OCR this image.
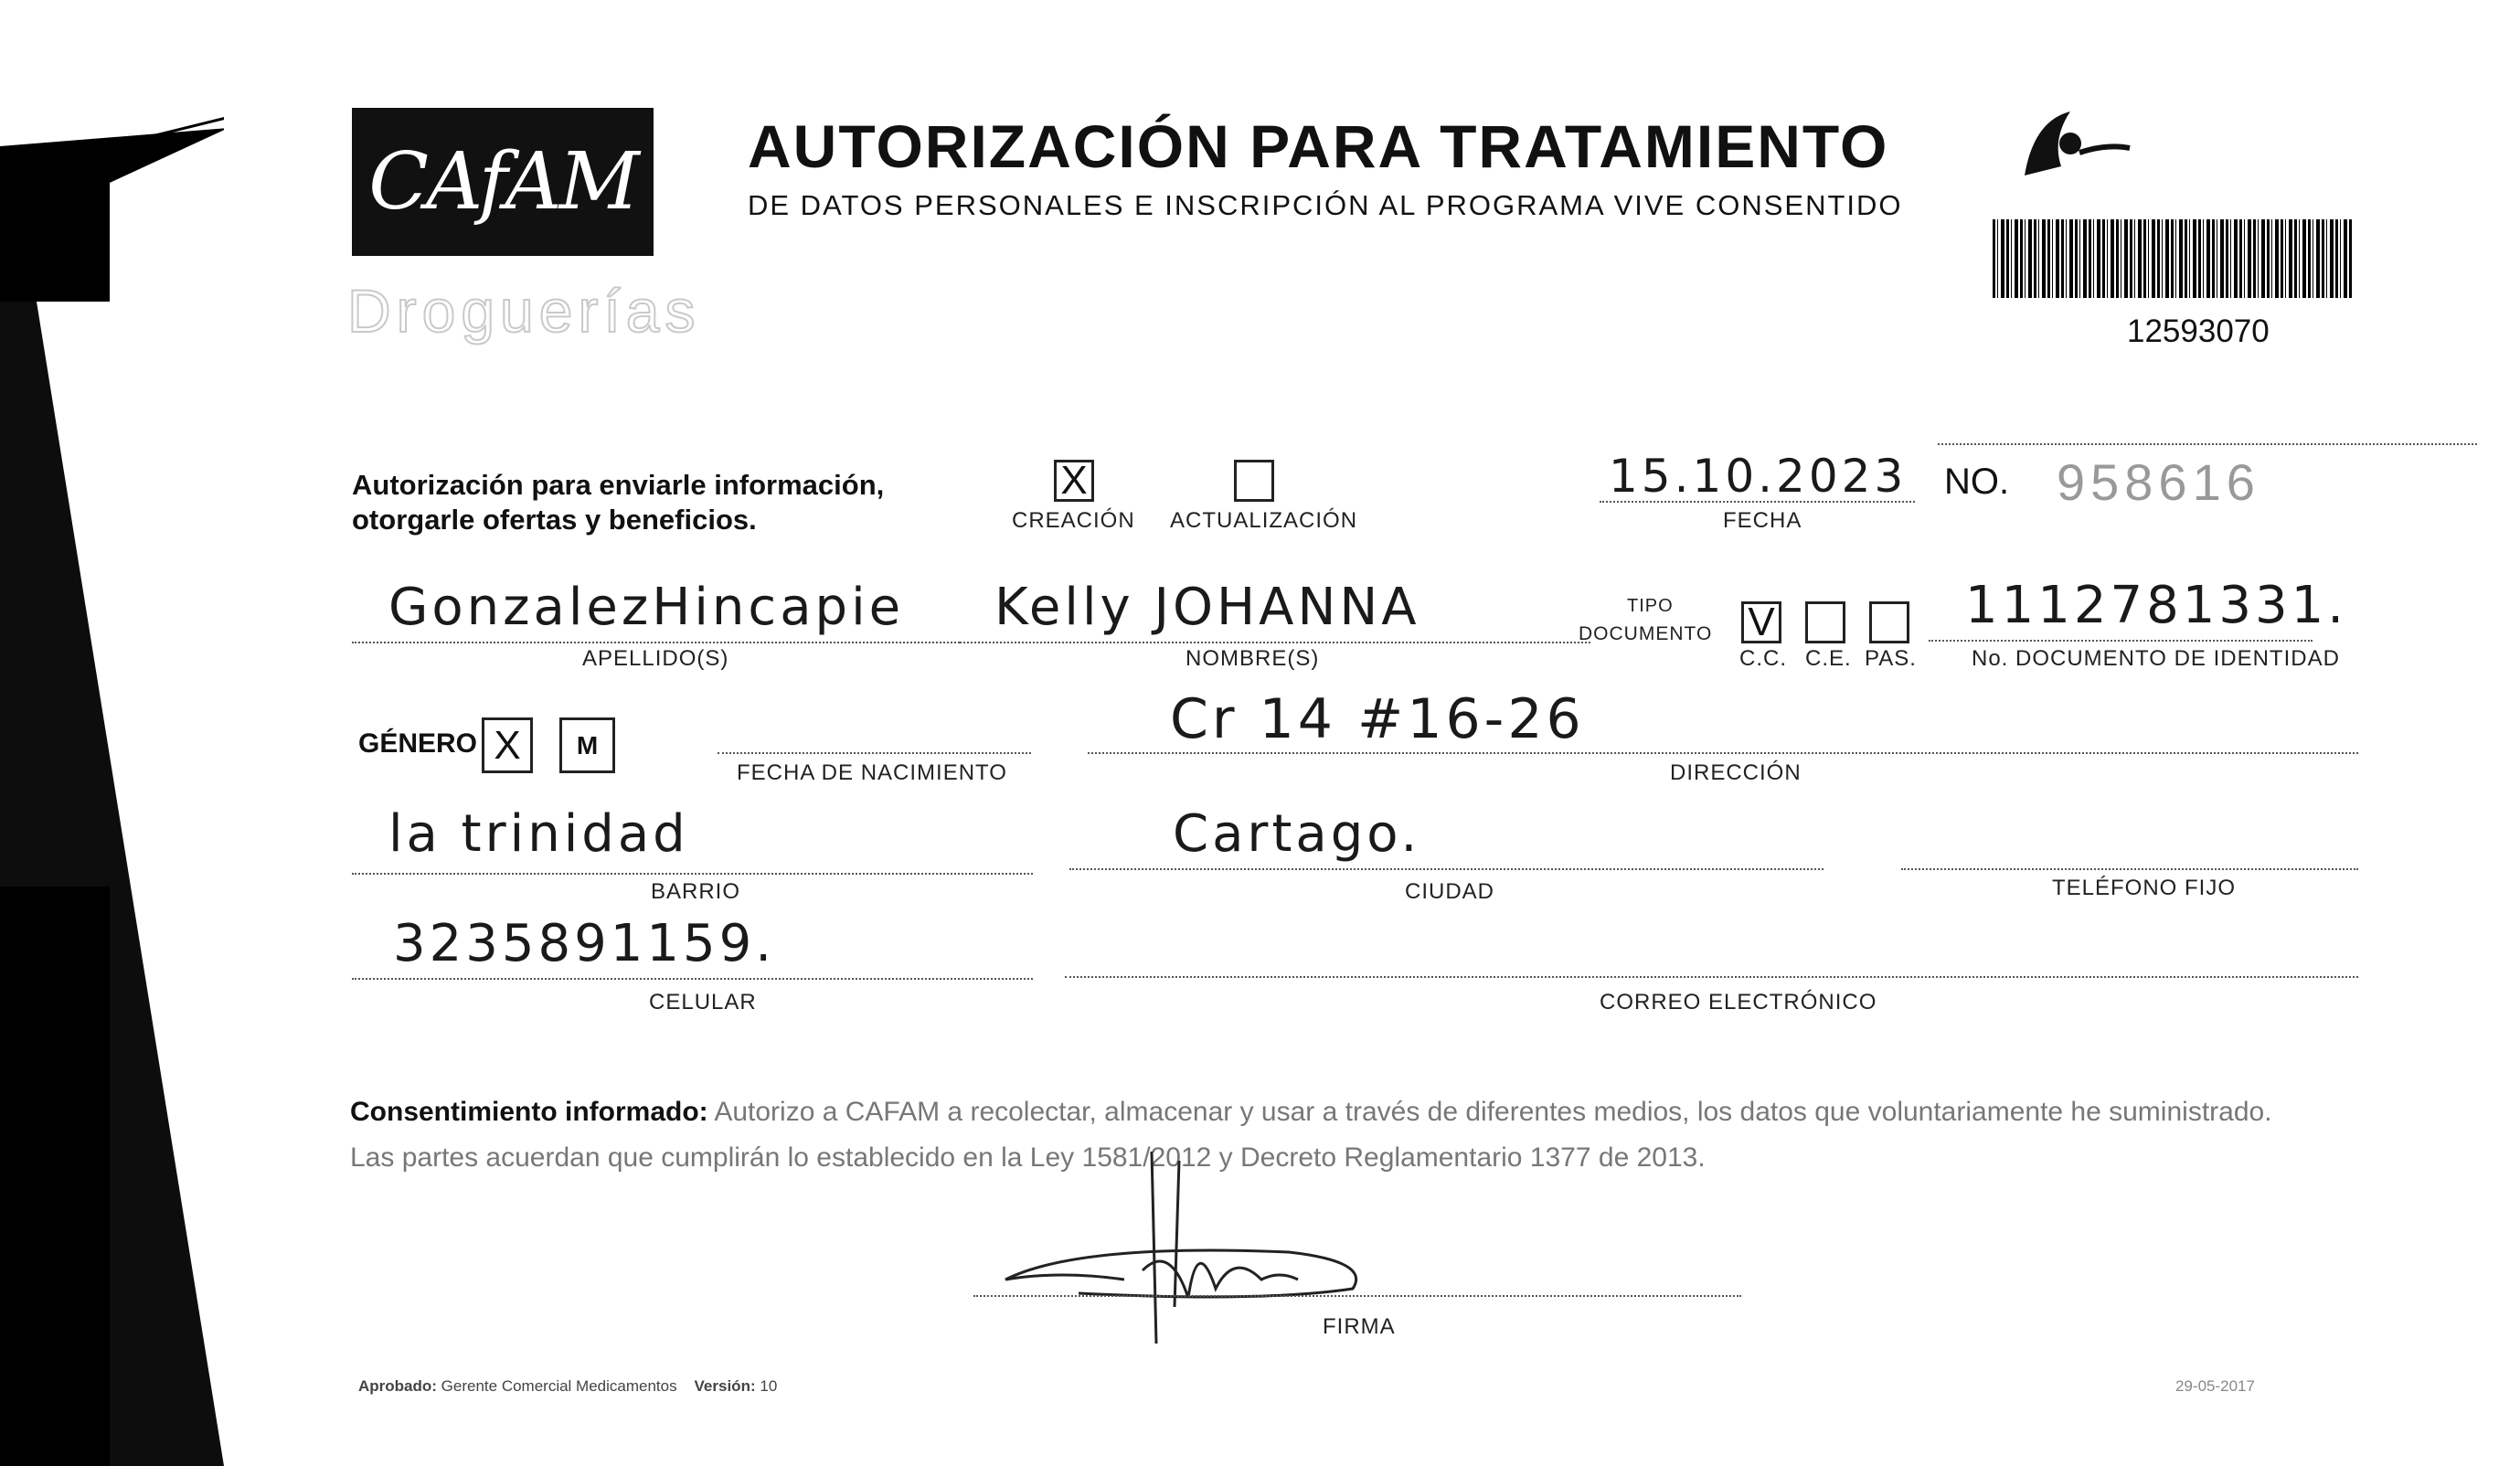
CAfAM
Droguerías
AUTORIZACIÓN PARA TRATAMIENTO
DE DATOS PERSONALES E INSCRIPCIÓN AL PROGRAMA VIVE CONSENTIDO
12593070
Autorización para enviarle información,
otorgarle ofertas y beneficios.
X
CREACIÓN ACTUALIZACIÓN
15.10.2023
FECHA
NO. 958616
GonzalezHincapie
APELLIDO(S)
Kelly JOHANNA
NOMBRE(S)
TIPO
DOCUMENTO V
C.C. C.E. PAS.
1112781331.
No. DOCUMENTO DE IDENTIDAD
GÉNERO X	M
FECHA DE NACIMIENTO
Cr 14 #16-26
DIRECCIÓN
la trinidad
BARRIO
Cartago.
CIUDAD	TELÉFONO FIJO
3235891159.
CELULAR	CORREO ELECTRÓNICO
Consentimiento informado: Autorizo a CAFAM a recolectar, almacenar y usar a través de diferentes medios, los datos que voluntariamente he suministrado.
Las partes acuerdan que cumplirán lo establecido en la Ley 1581/2012 y Decreto Reglamentario 1377 de 2013.
FIRMA
Aprobado: Gerente Comercial Medicamentos Versión: 10	29-05-2017
